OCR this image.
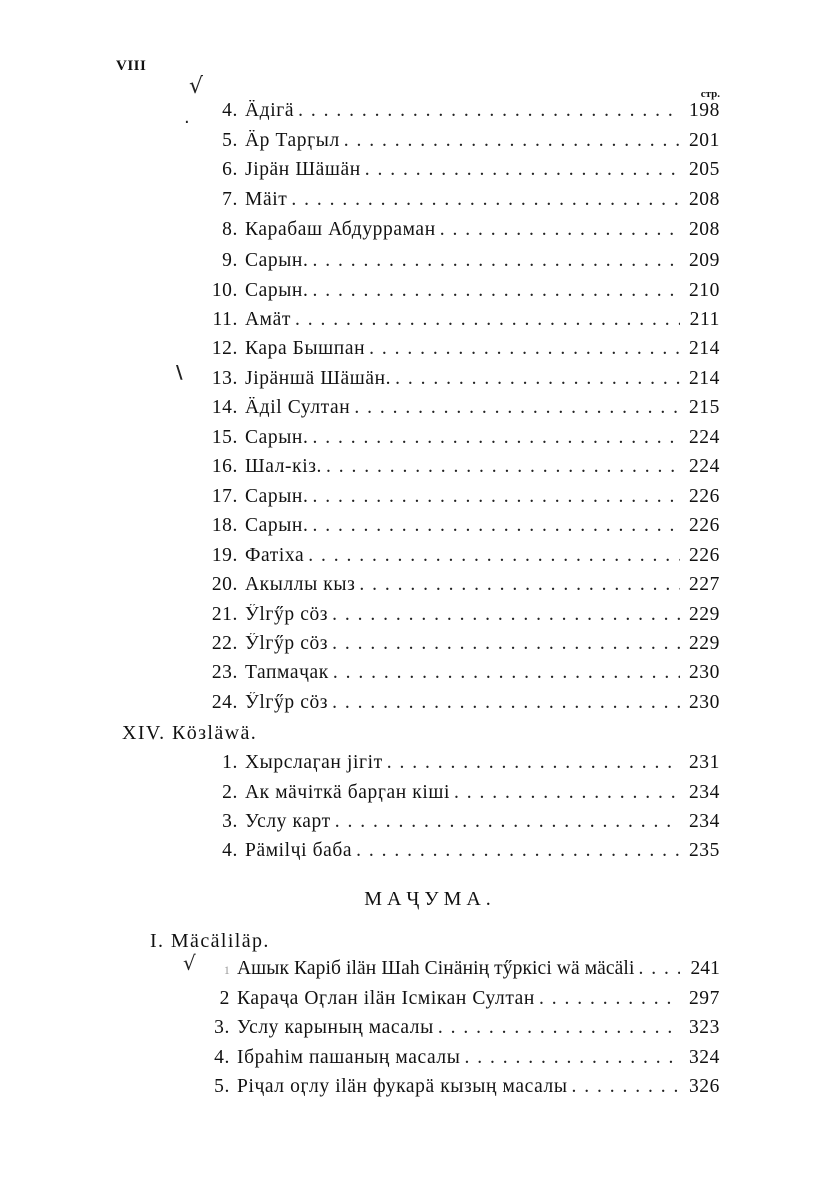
VIII
стр.
√
·
\
√
4. Ӓдігӓ . . .	198
5. Ӓр Тарӷыл . . .	201
6. Јірӓн Шӓшӓн . . .	205
7. Мӓіт . . .	208
8. Карабаш Абдурраман . . .	208
9. Сарын. . . .	209
10. Сарын. . . .	210
11. Амӓт . . .	211
12. Кара Бышпан . . .	214
13. Јірӓншӓ Шӓшӓн. . . .	214
14. Ӓдіl Султан . . .	215
15. Сарын. . . .	224
16. Шал-кіз. . . .	224
17. Сарын. . . .	226
18. Сарын. . . .	226
19. Фатіха . . .	226
20. Акыллы кыз . . .	227
21. Ӳlгӳр сӧз . . .	229
22. Ӳlгӳр сӧз . . .	229
23. Тапмаҷак . . .	230
24. Ӳlгӳр сӧз . . .	230
XIV. Кӧзlӓwӓ.
1. Хырслаӷан јігіт . . .	231
2. Ак мӓчіткӓ барӷан кіші . . .	234
3. Услу карт . . .	234
4. Рӓміlҷі баба . . .	235
МАҶУМА.
I. Мӓсӓlilӓр.
1 Ашык Каріб ilӓн Шаh Сінӓнің тӳркісі wӓ мӓсӓlі . . .	241
2 Караҷа Оӷлан ilӓн Ісмікан Султан . . .	297
3. Услу карының масалы . . .	323
4. Ібраhім пашаның масалы . . .	324
5. Ріҷал оӷлу ilӓн фукарӓ кызың масалы . . .	326
